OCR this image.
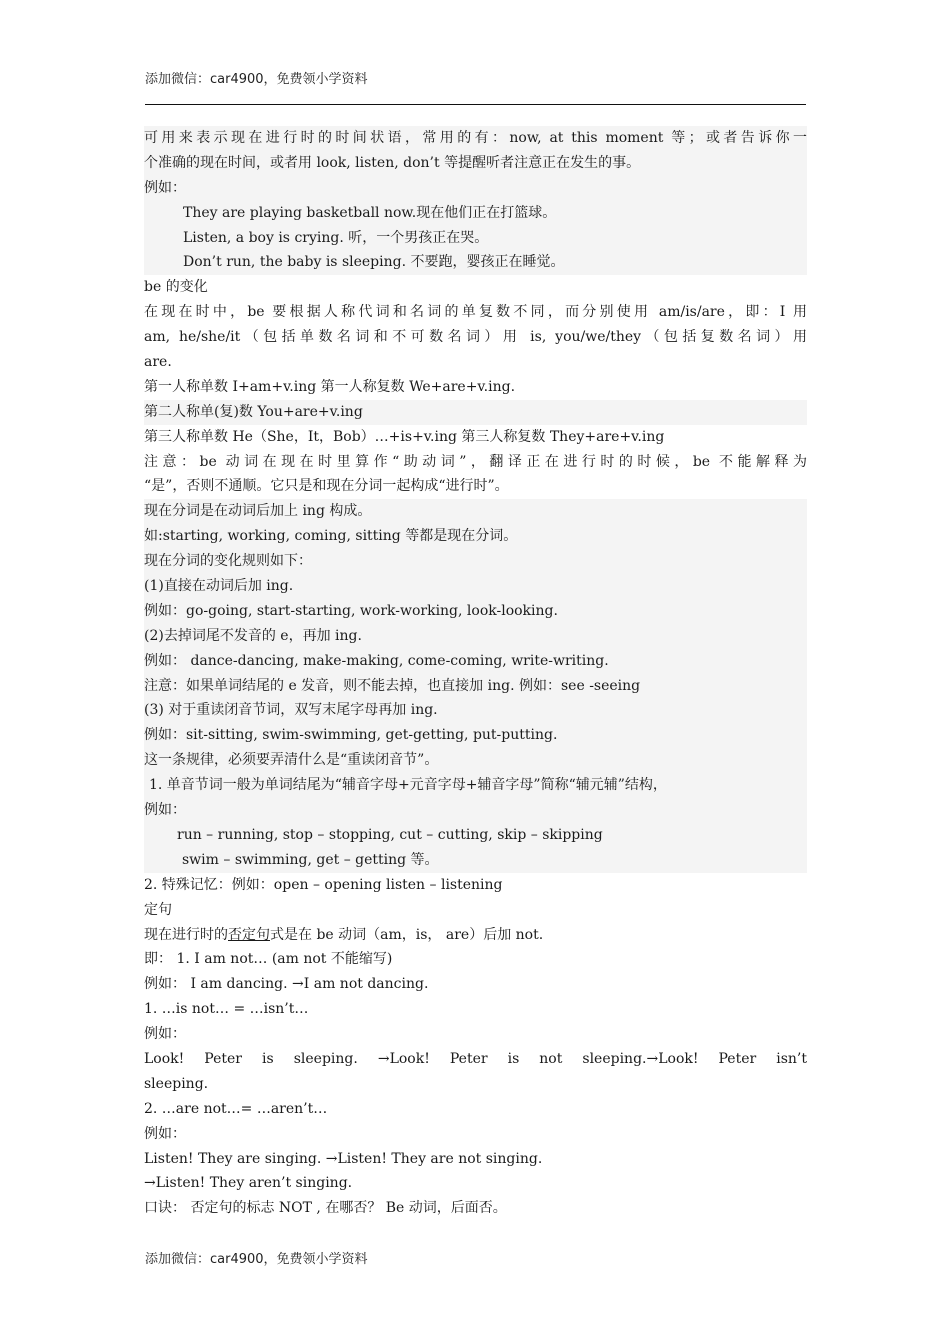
添加微信：car4900，免费领小学资料
可用来表示现在进行时的时间状语，常用的有：now, at this moment 等；或者告诉你一
个准确的现在时间，或者用 look, listen, don’t 等提醒听者注意正在发生的事。
例如：
They are playing basketball now.现在他们正在打篮球。
Listen, a boy is crying. 听，一个男孩正在哭。
Don’t run, the baby is sleeping. 不要跑，婴孩正在睡觉。
be 的变化
在现在时中，be 要根据人称代词和名词的单复数不同，而分别使用 am/is/are，即：I 用
am, he/she/it（包括单数名词和不可数名词）用 is, you/we/they（包括复数名词）用
are.
第一人称单数 I+am+v.ing 第一人称复数 We+are+v.ing.
第二人称单(复)数 You+are+v.ing
第三人称单数 He（She，It，Bob）…+is+v.ing 第三人称复数 They+are+v.ing
注意：be 动词在现在时里算作“助动词”，翻译正在进行时的时候，be 不能解释为
“是”，否则不通顺。它只是和现在分词一起构成“进行时”。
现在分词是在动词后加上 ing 构成。
如:starting, working, coming, sitting 等都是现在分词。
现在分词的变化规则如下：
(1)直接在动词后加 ing.
例如：go-going, start-starting, work-working, look-looking.
(2)去掉词尾不发音的 e，再加 ing.
例如： dance-dancing, make-making, come-coming, write-writing.
注意：如果单词结尾的 e 发音，则不能去掉，也直接加 ing. 例如：see -seeing
(3) 对于重读闭音节词，双写末尾字母再加 ing.
例如：sit-sitting, swim-swimming, get-getting, put-putting.
这一条规律，必须要弄清什么是“重读闭音节”。
1. 单音节词一般为单词结尾为“辅音字母+元音字母+辅音字母”简称“辅元辅”结构，
例如：
run – running, stop – stopping, cut – cutting, skip – skipping
swim – swimming, get – getting 等。
2. 特殊记忆：例如：open – opening listen – listening
定句
现在进行时的否定句式是在 be 动词（am，is， are）后加 not.
即： 1. I am not… (am not 不能缩写)
例如： I am dancing. →I am not dancing.
1. …is not… = …isn’t…
例如：
Look! Peter is sleeping. →Look! Peter is not sleeping.→Look! Peter isn’t
sleeping.
2. …are not…= …aren’t…
例如：
Listen! They are singing. →Listen! They are not singing.
→Listen! They aren’t singing.
口诀： 否定句的标志 NOT , 在哪否？ Be 动词，后面否。
添加微信：car4900，免费领小学资料
